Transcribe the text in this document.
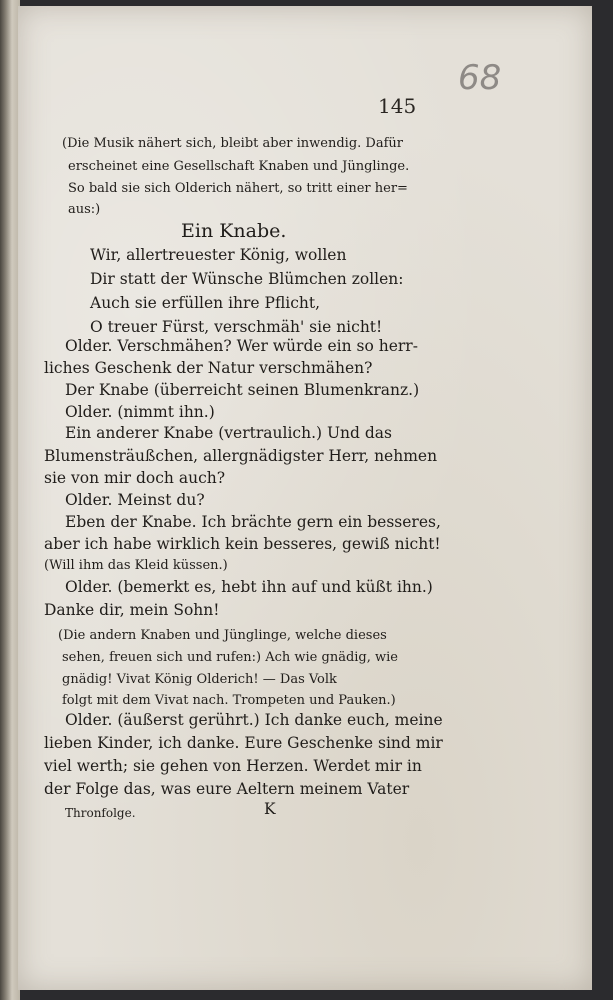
68
145
(Die Musik nähert sich, bleibt aber inwendig. Dafür
erscheinet eine Gesellschaft Knaben und Jünglinge.
So bald sie sich Olderich nähert, so tritt einer her=
aus:)
Ein Knabe.
Wir, allertreuester König, wollen
Dir statt der Wünsche Blümchen zollen:
Auch sie erfüllen ihre Pflicht,
O treuer Fürst, verschmäh' sie nicht!
Older. Verschmähen? Wer würde ein so herr-
liches Geschenk der Natur verschmähen?
Der Knabe (überreicht seinen Blumenkranz.)
Older. (nimmt ihn.)
Ein anderer Knabe (vertraulich.) Und das
Blumensträußchen, allergnädigster Herr, nehmen
sie von mir doch auch?
Older. Meinst du?
Eben der Knabe. Ich brächte gern ein besseres,
aber ich habe wirklich kein besseres, gewiß nicht!
(Will ihm das Kleid küssen.)
Older. (bemerkt es, hebt ihn auf und küßt ihn.)
Danke dir, mein Sohn!
(Die andern Knaben und Jünglinge, welche dieses
sehen, freuen sich und rufen:) Ach wie gnädig, wie
gnädig! Vivat König Olderich! — Das Volk
folgt mit dem Vivat nach. Trompeten und Pauken.)
Older. (äußerst gerührt.) Ich danke euch, meine
lieben Kinder, ich danke. Eure Geschenke sind mir
viel werth; sie gehen von Herzen. Werdet mir in
der Folge das, was eure Aeltern meinem Vater
Thronfolge.	K
